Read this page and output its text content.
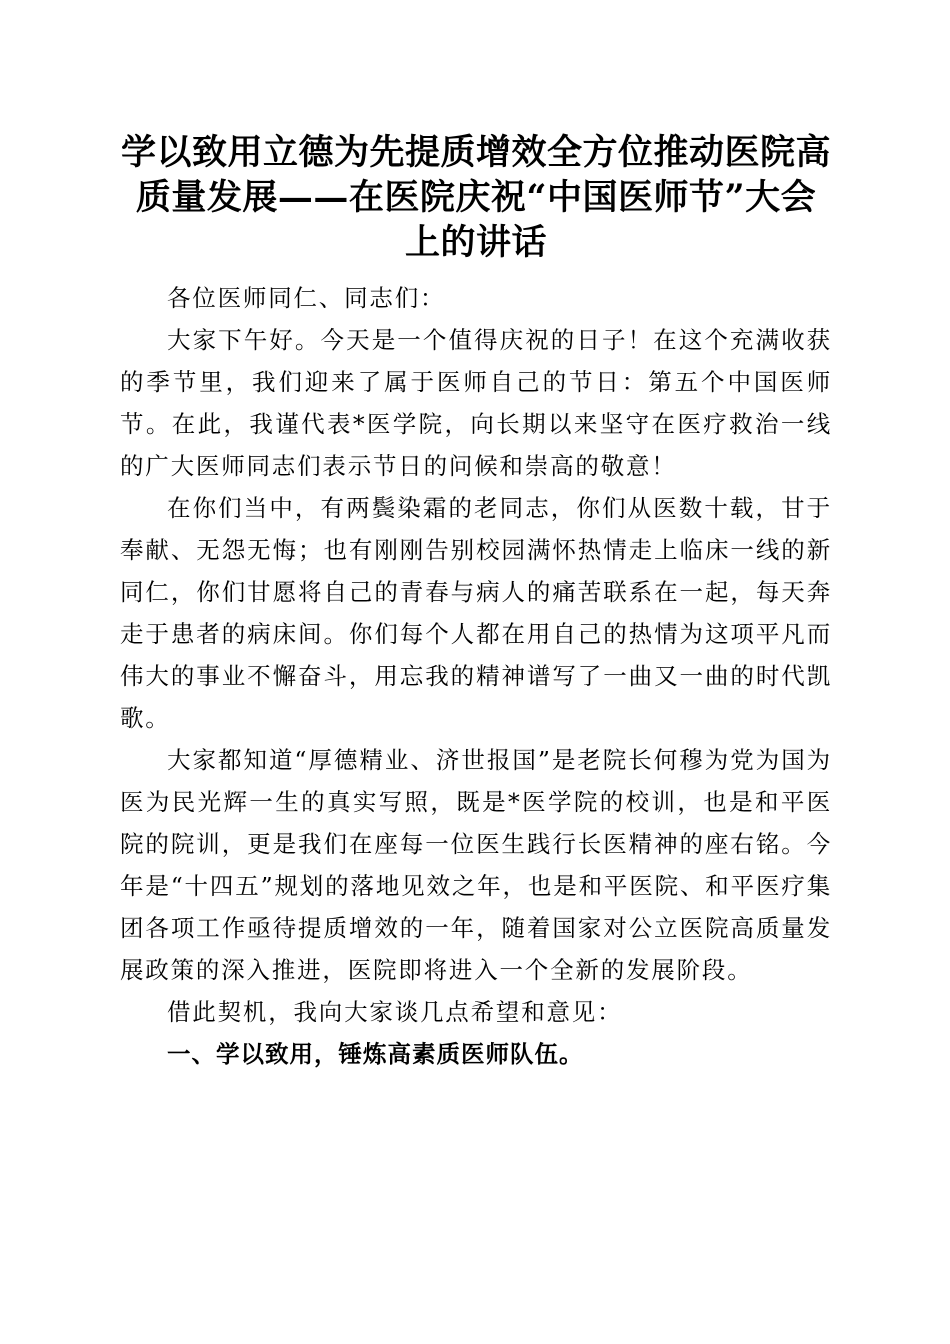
学以致用立德为先提质增效全方位推动医院高质量发展——在医院庆祝“中国医师节”大会上的讲话

各位医师同仁、同志们：

大家下午好。今天是一个值得庆祝的日子！在这个充满收获的季节里，我们迎来了属于医师自己的节日：第五个中国医师节。在此，我谨代表*医学院，向长期以来坚守在医疗救治一线的广大医师同志们表示节日的问候和崇高的敬意！

在你们当中，有两鬓染霜的老同志，你们从医数十载，甘于奉献、无怨无悔；也有刚刚告别校园满怀热情走上临床一线的新同仁，你们甘愿将自己的青春与病人的痛苦联系在一起，每天奔走于患者的病床间。你们每个人都在用自己的热情为这项平凡而伟大的事业不懈奋斗，用忘我的精神谱写了一曲又一曲的时代凯歌。

大家都知道“厚德精业、济世报国”是老院长何穆为党为国为医为民光辉一生的真实写照，既是*医学院的校训，也是和平医院的院训，更是我们在座每一位医生践行长医精神的座右铭。今年是“十四五”规划的落地见效之年，也是和平医院、和平医疗集团各项工作亟待提质增效的一年，随着国家对公立医院高质量发展政策的深入推进，医院即将进入一个全新的发展阶段。

借此契机，我向大家谈几点希望和意见：

一、学以致用，锤炼高素质医师队伍。
